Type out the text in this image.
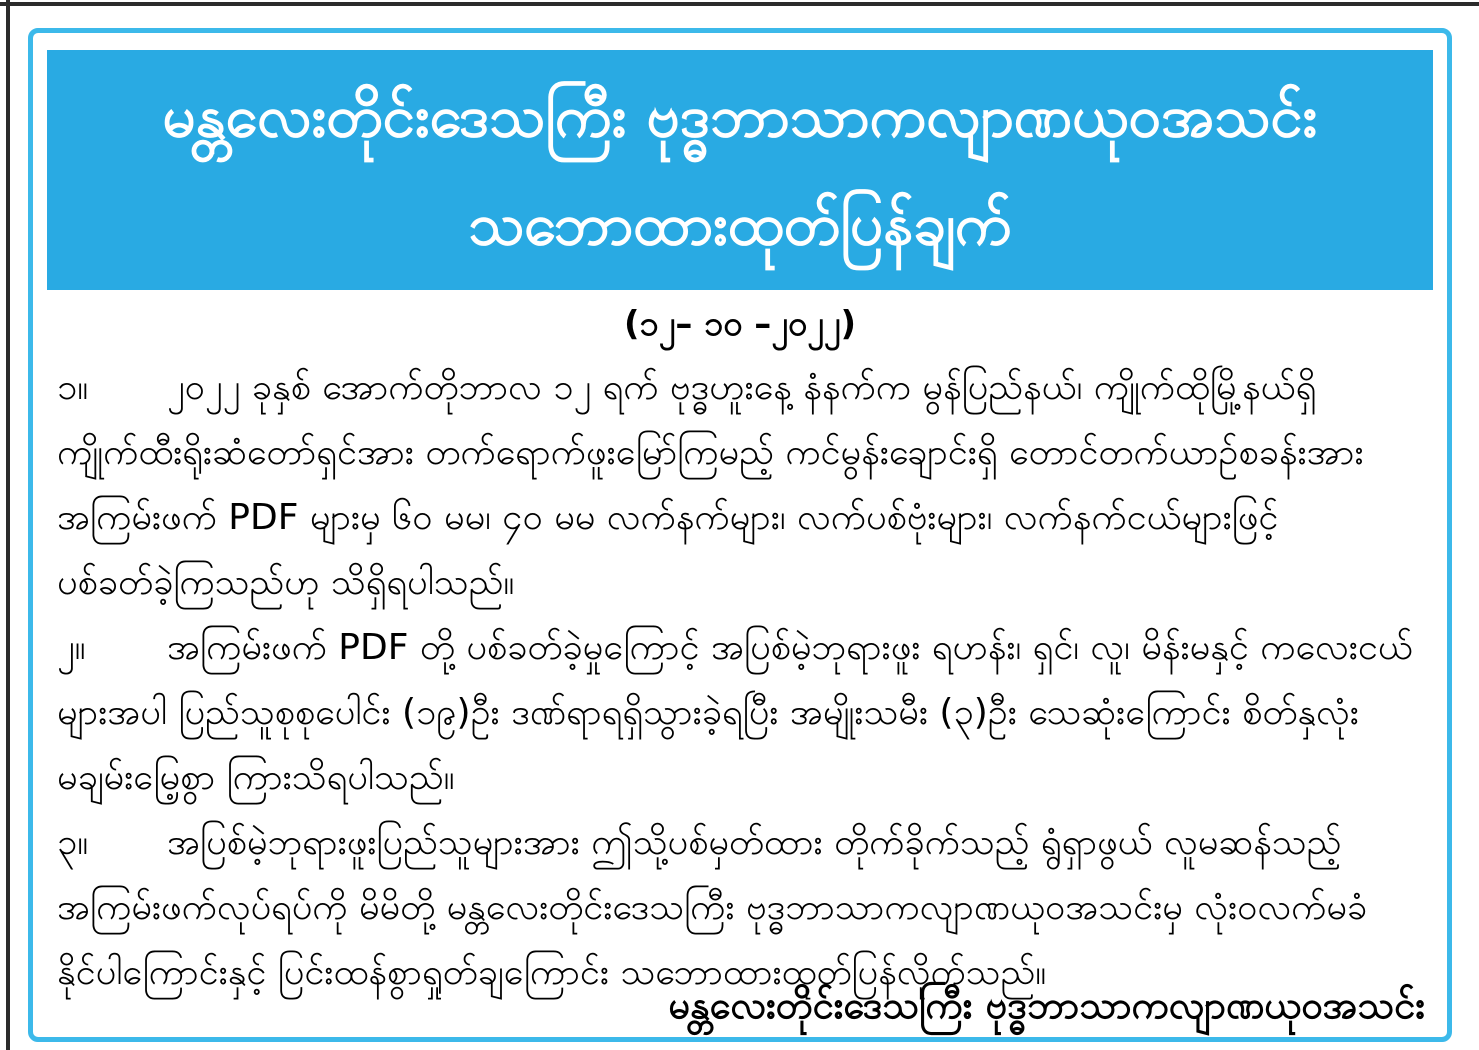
မန္တလေးတိုင်းဒေသကြီး ဗုဒ္ဓဘာသာကလျာဏယုဝအသင်း
သဘောထားထုတ်ပြန်ချက်
(၁၂– ၁၀ –၂၀၂၂)
၁။ ၂၀၂၂ ခုနှစ် အောက်တိုဘာလ ၁၂ ရက် ဗုဒ္ဓဟူးနေ့ နံနက်က မွန်ပြည်နယ်၊ ကျိုက်ထိုမြို့နယ်ရှိ
ကျိုက်ထီးရိုးဆံတော်ရှင်အား တက်ရောက်ဖူးမြော်ကြမည့် ကင်မွန်းချောင်းရှိ တောင်တက်ယာဉ်စခန်းအား
အကြမ်းဖက် PDF များမှ ၆၀ မမ၊ ၄၀ မမ လက်နက်များ၊ လက်ပစ်ဗုံးများ၊ လက်နက်ငယ်များဖြင့်
ပစ်ခတ်ခဲ့ကြသည်ဟု သိရှိရပါသည်။
၂။ အကြမ်းဖက် PDF တို့ ပစ်ခတ်ခဲ့မှုကြောင့် အပြစ်မဲ့ဘုရားဖူး ရဟန်း၊ ရှင်၊ လူ၊ မိန်းမနှင့် ကလေးငယ်
များအပါ ပြည်သူစုစုပေါင်း (၁၉)ဦး ဒဏ်ရာရရှိသွားခဲ့ရပြီး အမျိုးသမီး (၃)ဦး သေဆုံးကြောင်း စိတ်နှလုံး
မချမ်းမြေ့စွာ ကြားသိရပါသည်။
၃။ အပြစ်မဲ့ဘုရားဖူးပြည်သူများအား ဤသို့ပစ်မှတ်ထား တိုက်ခိုက်သည့် ရွံရှာဖွယ် လူမဆန်သည့်
အကြမ်းဖက်လုပ်ရပ်ကို မိမိတို့ မန္တလေးတိုင်းဒေသကြီး ဗုဒ္ဓဘာသာကလျာဏယုဝအသင်းမှ လုံးဝလက်မခံ
နိုင်ပါကြောင်းနှင့် ပြင်းထန်စွာရှုတ်ချကြောင်း သဘောထားထုတ်ပြန်လိုက်သည်။
မန္တလေးတိုင်းဒေသကြီး ဗုဒ္ဓဘာသာကလျာဏယုဝအသင်း
